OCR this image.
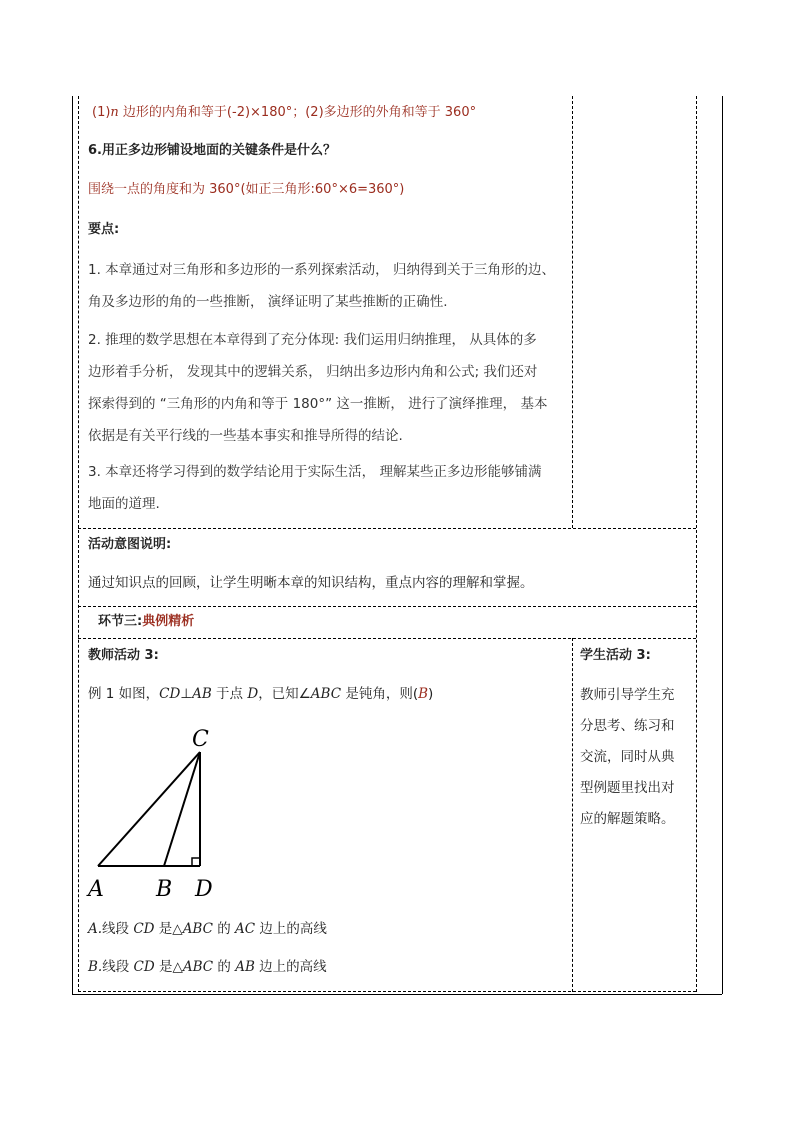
(1)n 边形的内角和等于(-2)×180°；(2)多边形的外角和等于 360°
6.用正多边形铺设地面的关键条件是什么？
围绕一点的角度和为 360°(如正三角形:60°×6=360°)
要点:
1. 本章通过对三角形和多边形的一系列探索活动， 归纳得到关于三角形的边、
角及多边形的角的一些推断， 演绎证明了某些推断的正确性.
2. 推理的数学思想在本章得到了充分体现: 我们运用归纳推理， 从具体的多
边形着手分析， 发现其中的逻辑关系， 归纳出多边形内角和公式; 我们还对
探索得到的 “三角形的内角和等于 180°” 这一推断， 进行了演绎推理， 基本
依据是有关平行线的一些基本事实和推导所得的结论.
3. 本章还将学习得到的数学结论用于实际生活， 理解某些正多边形能够铺满
地面的道理.
活动意图说明:
通过知识点的回顾，让学生明晰本章的知识结构，重点内容的理解和掌握。
环节三:典例精析
教师活动 3:
例 1 如图，CD⊥AB 于点 D，已知∠ABC 是钝角，则(B)
C
A B D
A.线段 CD 是△ABC 的 AC 边上的高线
B.线段 CD 是△ABC 的 AB 边上的高线
学生活动 3:
教师引导学生充
分思考、练习和
交流，同时从典
型例题里找出对
应的解题策略。
